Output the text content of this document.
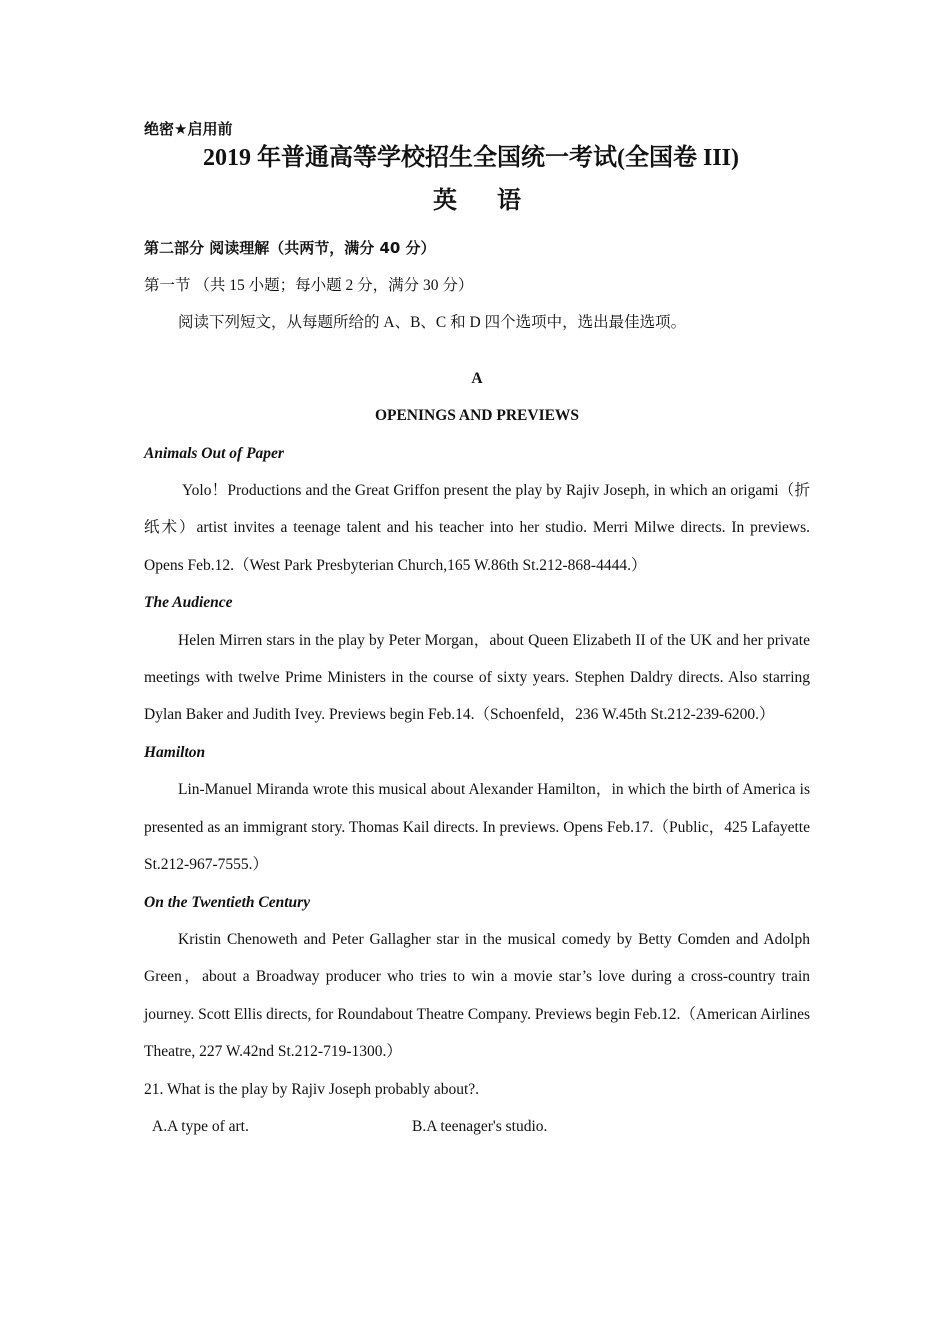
绝密★启用前

2019 年普通高等学校招生全国统一考试(全国卷 III)
英语

第二部分 阅读理解（共两节，满分 40 分）

第一节 （共 15 小题；每小题 2 分，满分 30 分）

阅读下列短文，从每题所给的 A、B、C 和 D 四个选项中，选出最佳选项。

A

OPENINGS AND PREVIEWS

Animals Out of Paper

Yolo！Productions and the Great Griffon present the play by Rajiv Joseph, in which an origami（折纸术）artist invites a teenage talent and his teacher into her studio. Merri Milwe directs. In previews. Opens Feb.12.（West Park Presbyterian Church,165 W.86th St.212-868-4444.）

The Audience

Helen Mirren stars in the play by Peter Morgan，about Queen Elizabeth II of the UK and her private meetings with twelve Prime Ministers in the course of sixty years. Stephen Daldry directs. Also starring Dylan Baker and Judith Ivey. Previews begin Feb.14.（Schoenfeld，236 W.45th St.212-239-6200.）

Hamilton

Lin-Manuel Miranda wrote this musical about Alexander Hamilton，in which the birth of America is presented as an immigrant story. Thomas Kail directs. In previews. Opens Feb.17.（Public，425 Lafayette St.212-967-7555.）

On the Twentieth Century

Kristin Chenoweth and Peter Gallagher star in the musical comedy by Betty Comden and Adolph Green，about a Broadway producer who tries to win a movie star’s love during a cross-country train journey. Scott Ellis directs, for Roundabout Theatre Company. Previews begin Feb.12.（American Airlines Theatre, 227 W.42nd St.212-719-1300.）

21. What is the play by Rajiv Joseph probably about?.

A.A type of art.	B.A teenager's studio.
